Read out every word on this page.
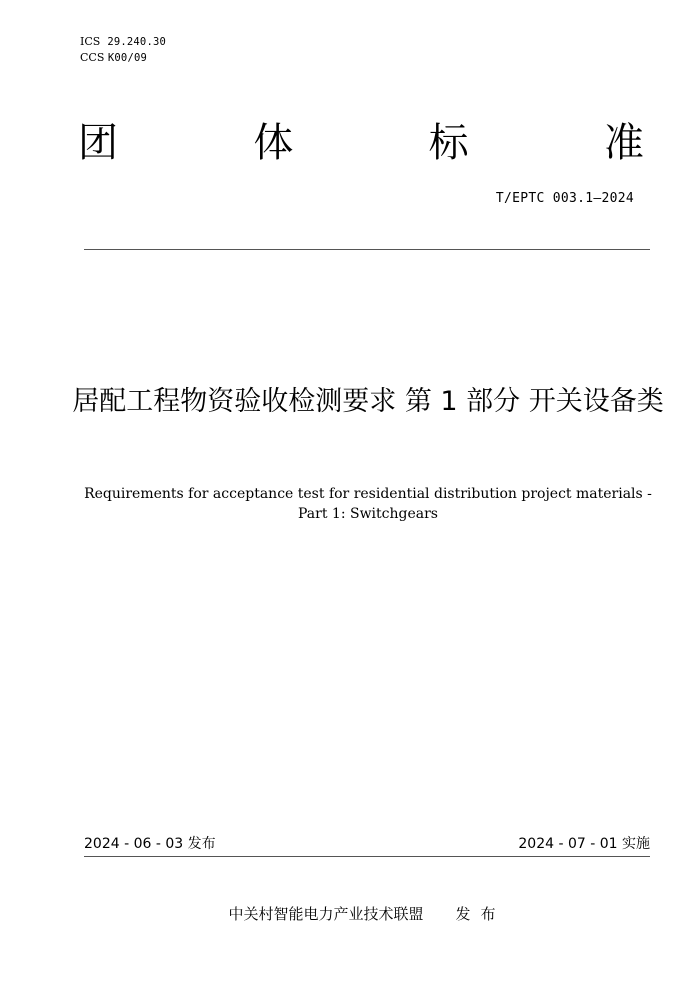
ICS 29.240.30
CCS K00/09
团	体	标	准
T/EPTC 003.1—2024
居配工程物资验收检测要求 第 1 部分 开关设备类
Requirements for acceptance test for residential distribution project materials - Part 1: Switchgears
2024 - 06 - 03 发布	2024 - 07 - 01 实施
中关村智能电力产业技术联盟 发布
